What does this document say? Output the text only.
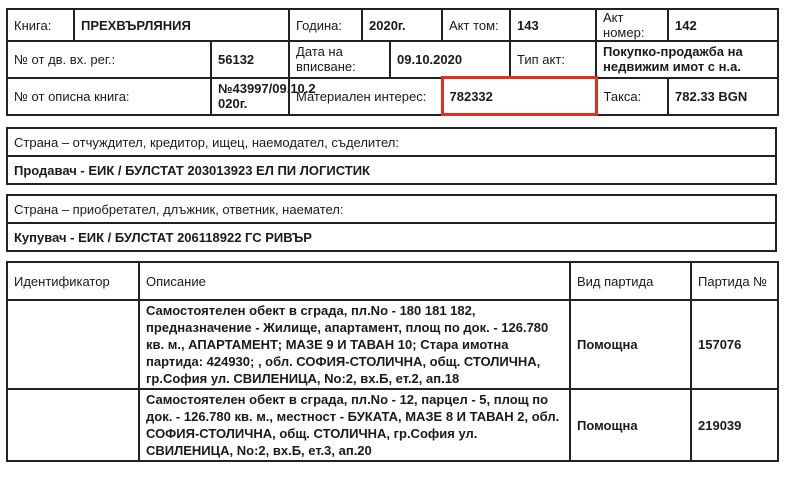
Книга:	ПРЕХВЪРЛЯНИЯ		Година:	2020г.		Акт том:	143	Акт номер:	142
№ от дв. вх. рег.:		56132	Дата на вписване:		09.10.2020		Тип акт:	Покупко-продажба на недвижим имот с н.а.	
№ от описна книга:		№43997/09.10.2 020г.	Материален интерес:			782332		Такса:	782.33 BGN
Страна – отчуждител, кредитор, ищец, наемодател, съделител:
Продавач - ЕИК / БУЛСТАТ 203013923 ЕЛ ПИ ЛОГИСТИК
Страна – приобретател, длъжник, ответник, наемател:
Купувач - ЕИК / БУЛСТАТ 206118922 ГС РИВЪР
Идентификатор	Описание	Вид партида	Партида №
	Самостоятелен обект в сграда, пл.No - 180 181 182, предназначение - Жилище, апартамент, площ по док. - 126.780 кв. м., АПАРТАМЕНТ; МАЗЕ 9 И ТАВАН 10; Стара имотна партида: 424930; , обл. СОФИЯ-СТОЛИЧНА, общ. СТОЛИЧНА, гр.София ул. СВИЛЕНИЦА, No:2, вх.Б, ет.2, ап.18	Помощна	157076
	Самостоятелен обект в сграда, пл.No - 12, парцел - 5, площ по док. - 126.780 кв. м., местност - БУКАТА, МАЗЕ 8 И ТАВАН 2, обл. СОФИЯ-СТОЛИЧНА, общ. СТОЛИЧНА, гр.София ул. СВИЛЕНИЦА, No:2, вх.Б, ет.3, ап.20	Помощна	219039
